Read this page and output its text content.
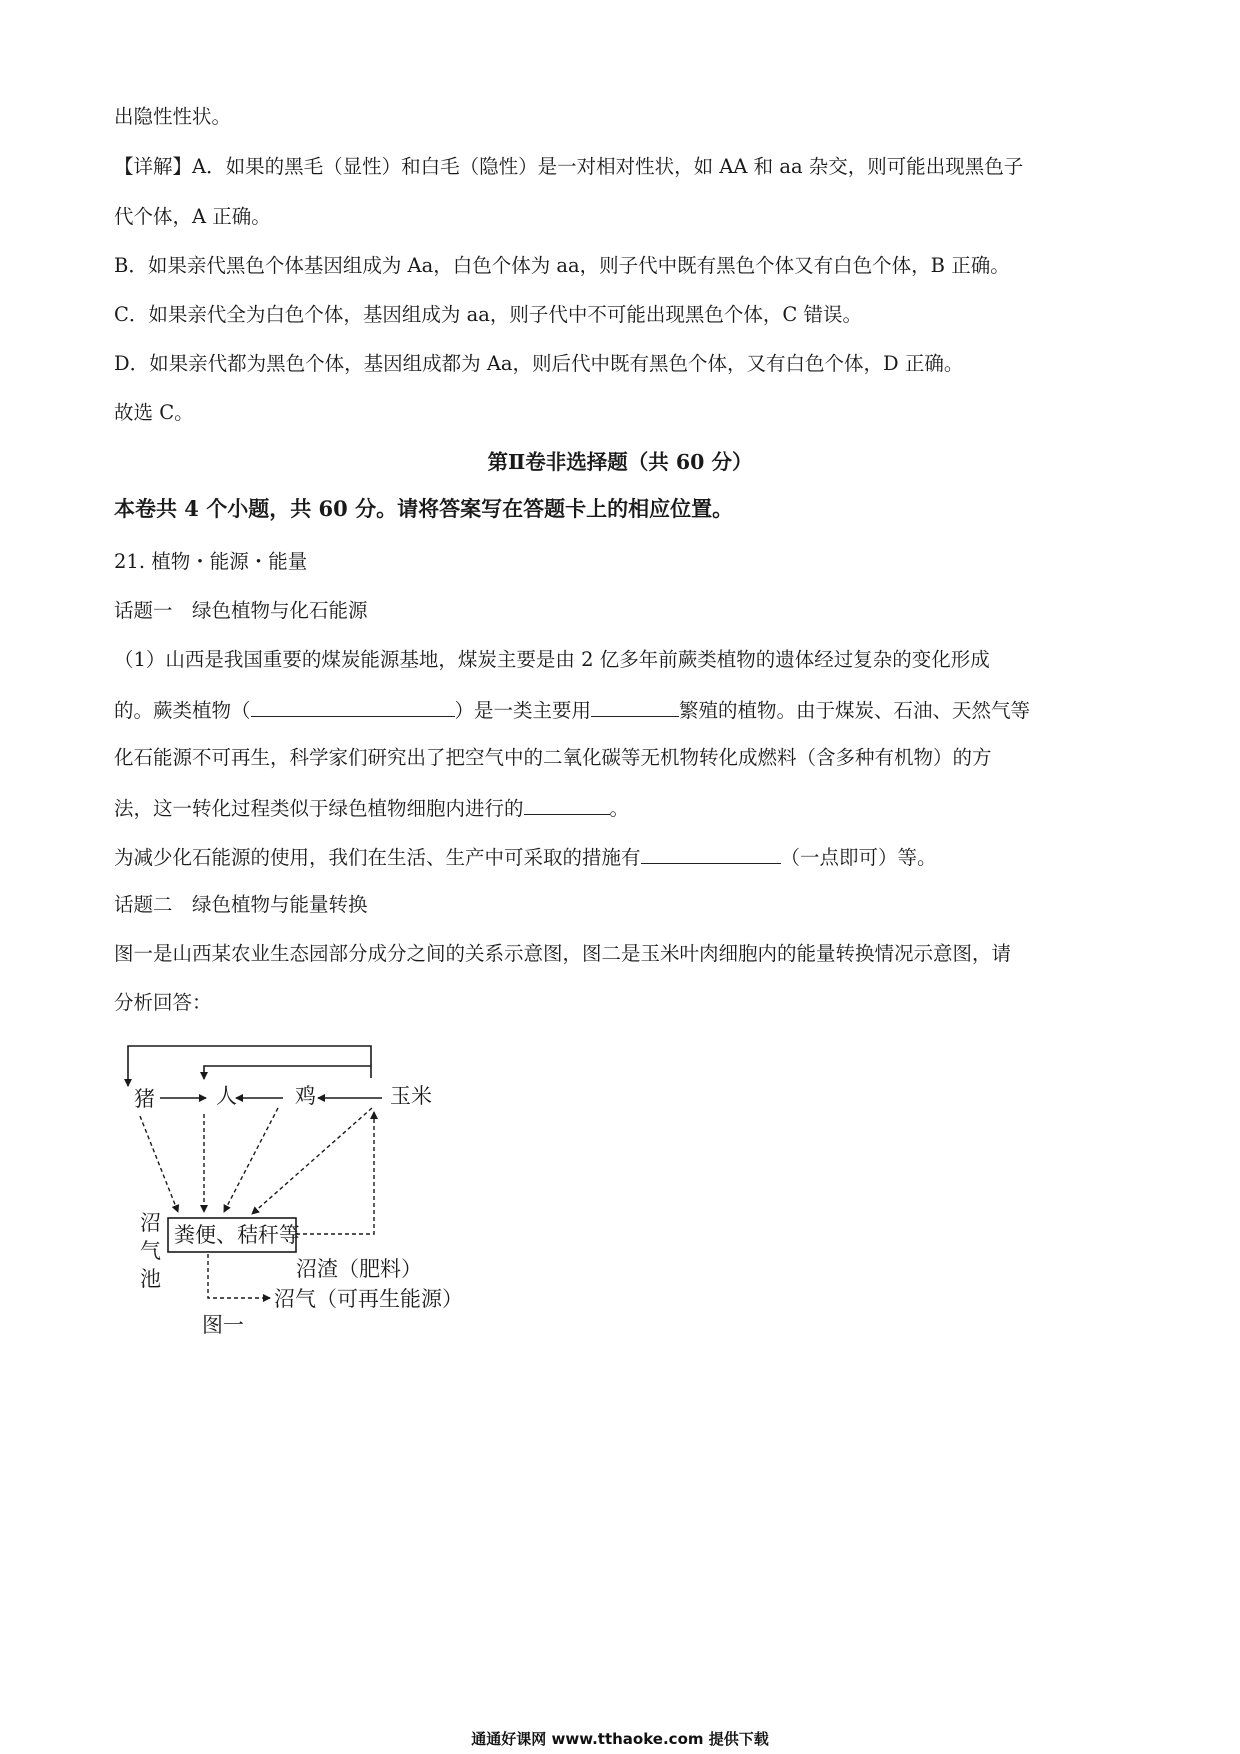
出隐性性状。
【详解】A．如果的黑毛（显性）和白毛（隐性）是一对相对性状，如 AA 和 aa 杂交，则可能出现黑色子
代个体，A 正确。
B．如果亲代黑色个体基因组成为 Aa，白色个体为 aa，则子代中既有黑色个体又有白色个体，B 正确。
C．如果亲代全为白色个体，基因组成为 aa，则子代中不可能出现黑色个体，C 错误。
D．如果亲代都为黑色个体，基因组成都为 Aa，则后代中既有黑色个体，又有白色个体，D 正确。
故选 C。
第Ⅱ卷非选择题（共 60 分）
本卷共 4 个小题，共 60 分。请将答案写在答题卡上的相应位置。
21. 植物・能源・能量
话题一　绿色植物与化石能源
（1）山西是我国重要的煤炭能源基地，煤炭主要是由 2 亿多年前蕨类植物的遗体经过复杂的变化形成
的。蕨类植物（	）是一类主要用	繁殖的植物。由于煤炭、石油、天然气等
化石能源不可再生，科学家们研究出了把空气中的二氧化碳等无机物转化成燃料（含多种有机物）的方
法，这一转化过程类似于绿色植物细胞内进行的	。
为减少化石能源的使用，我们在生活、生产中可采取的措施有	（一点即可）等。
话题二　绿色植物与能量转换
图一是山西某农业生态园部分成分之间的关系示意图，图二是玉米叶肉细胞内的能量转换情况示意图，请
分析回答：
猪	人	鸡	玉米
沼
气
池
粪便、秸秆等
沼渣（肥料）
沼气（可再生能源）
图一
通通好课网 www.tthaoke.com 提供下载
